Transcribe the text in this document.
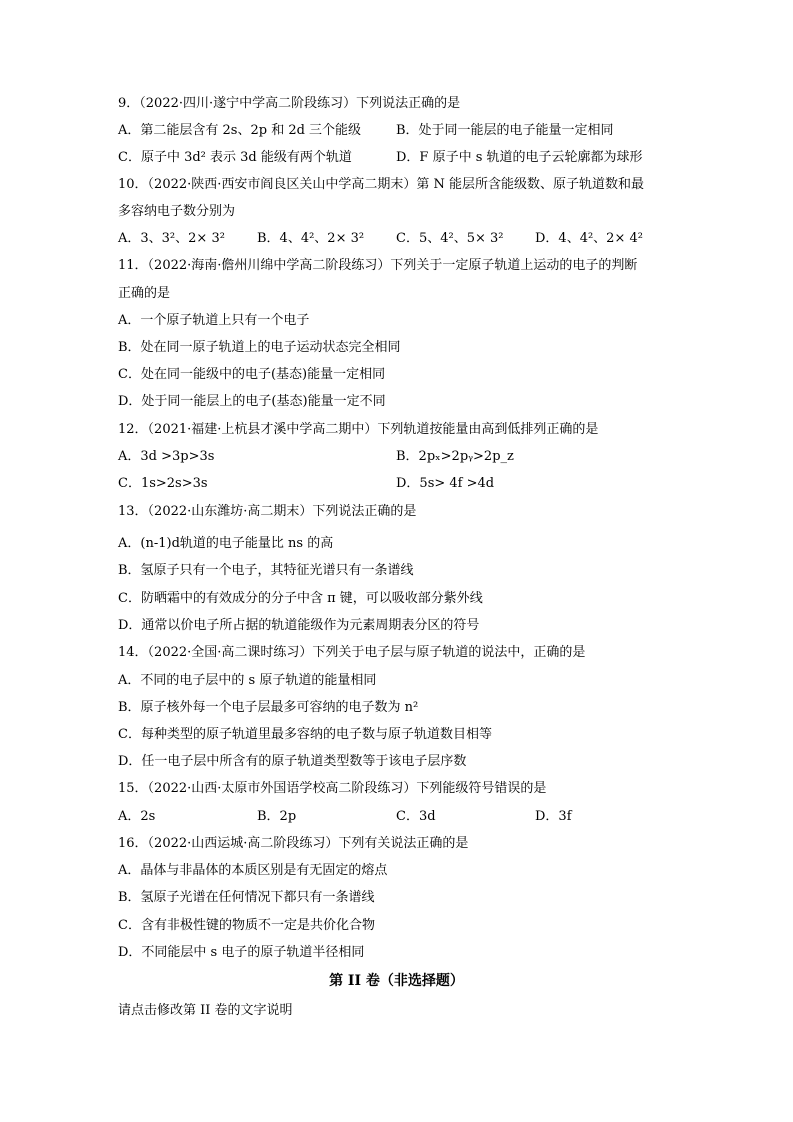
9．（2022·四川·遂宁中学高二阶段练习）下列说法正确的是
A．第二能层含有 2s、2p 和 2d 三个能级	B．处于同一能层的电子能量一定相同
C．原子中 3d² 表示 3d 能级有两个轨道	D．F 原子中 s 轨道的电子云轮廓都为球形
10．（2022·陕西·西安市阎良区关山中学高二期末）第 N 能层所含能级数、原子轨道数和最
多容纳电子数分别为
A．3、3²、2× 3² B．4、4²、2× 3² C．5、4²、5× 3² D．4、4²、2× 4²
11．（2022·海南·儋州川绵中学高二阶段练习）下列关于一定原子轨道上运动的电子的判断
正确的是
A．一个原子轨道上只有一个电子
B．处在同一原子轨道上的电子运动状态完全相同
C．处在同一能级中的电子(基态)能量一定相同
D．处于同一能层上的电子(基态)能量一定不同
12．（2021·福建·上杭县才溪中学高二期中）下列轨道按能量由高到低排列正确的是
A．3d >3p>3s	B．2pₓ>2pᵧ>2p_z
C．1s>2s>3s	D．5s> 4f >4d
13．（2022·山东潍坊·高二期末）下列说法正确的是
A．(n-1)d轨道的电子能量比 ns 的高
B．氢原子只有一个电子，其特征光谱只有一条谱线
C．防晒霜中的有效成分的分子中含 π 键，可以吸收部分紫外线
D．通常以价电子所占据的轨道能级作为元素周期表分区的符号
14．（2022·全国·高二课时练习）下列关于电子层与原子轨道的说法中，正确的是
A．不同的电子层中的 s 原子轨道的能量相同
B．原子核外每一个电子层最多可容纳的电子数为 n²
C．每种类型的原子轨道里最多容纳的电子数与原子轨道数目相等
D．任一电子层中所含有的原子轨道类型数等于该电子层序数
15．（2022·山西·太原市外国语学校高二阶段练习）下列能级符号错误的是
A．2s	B．2p	C．3d	D．3f
16．（2022·山西运城·高二阶段练习）下列有关说法正确的是
A．晶体与非晶体的本质区别是有无固定的熔点
B．氢原子光谱在任何情况下都只有一条谱线
C．含有非极性键的物质不一定是共价化合物
D．不同能层中 s 电子的原子轨道半径相同
第 II 卷（非选择题）
请点击修改第 II 卷的文字说明
